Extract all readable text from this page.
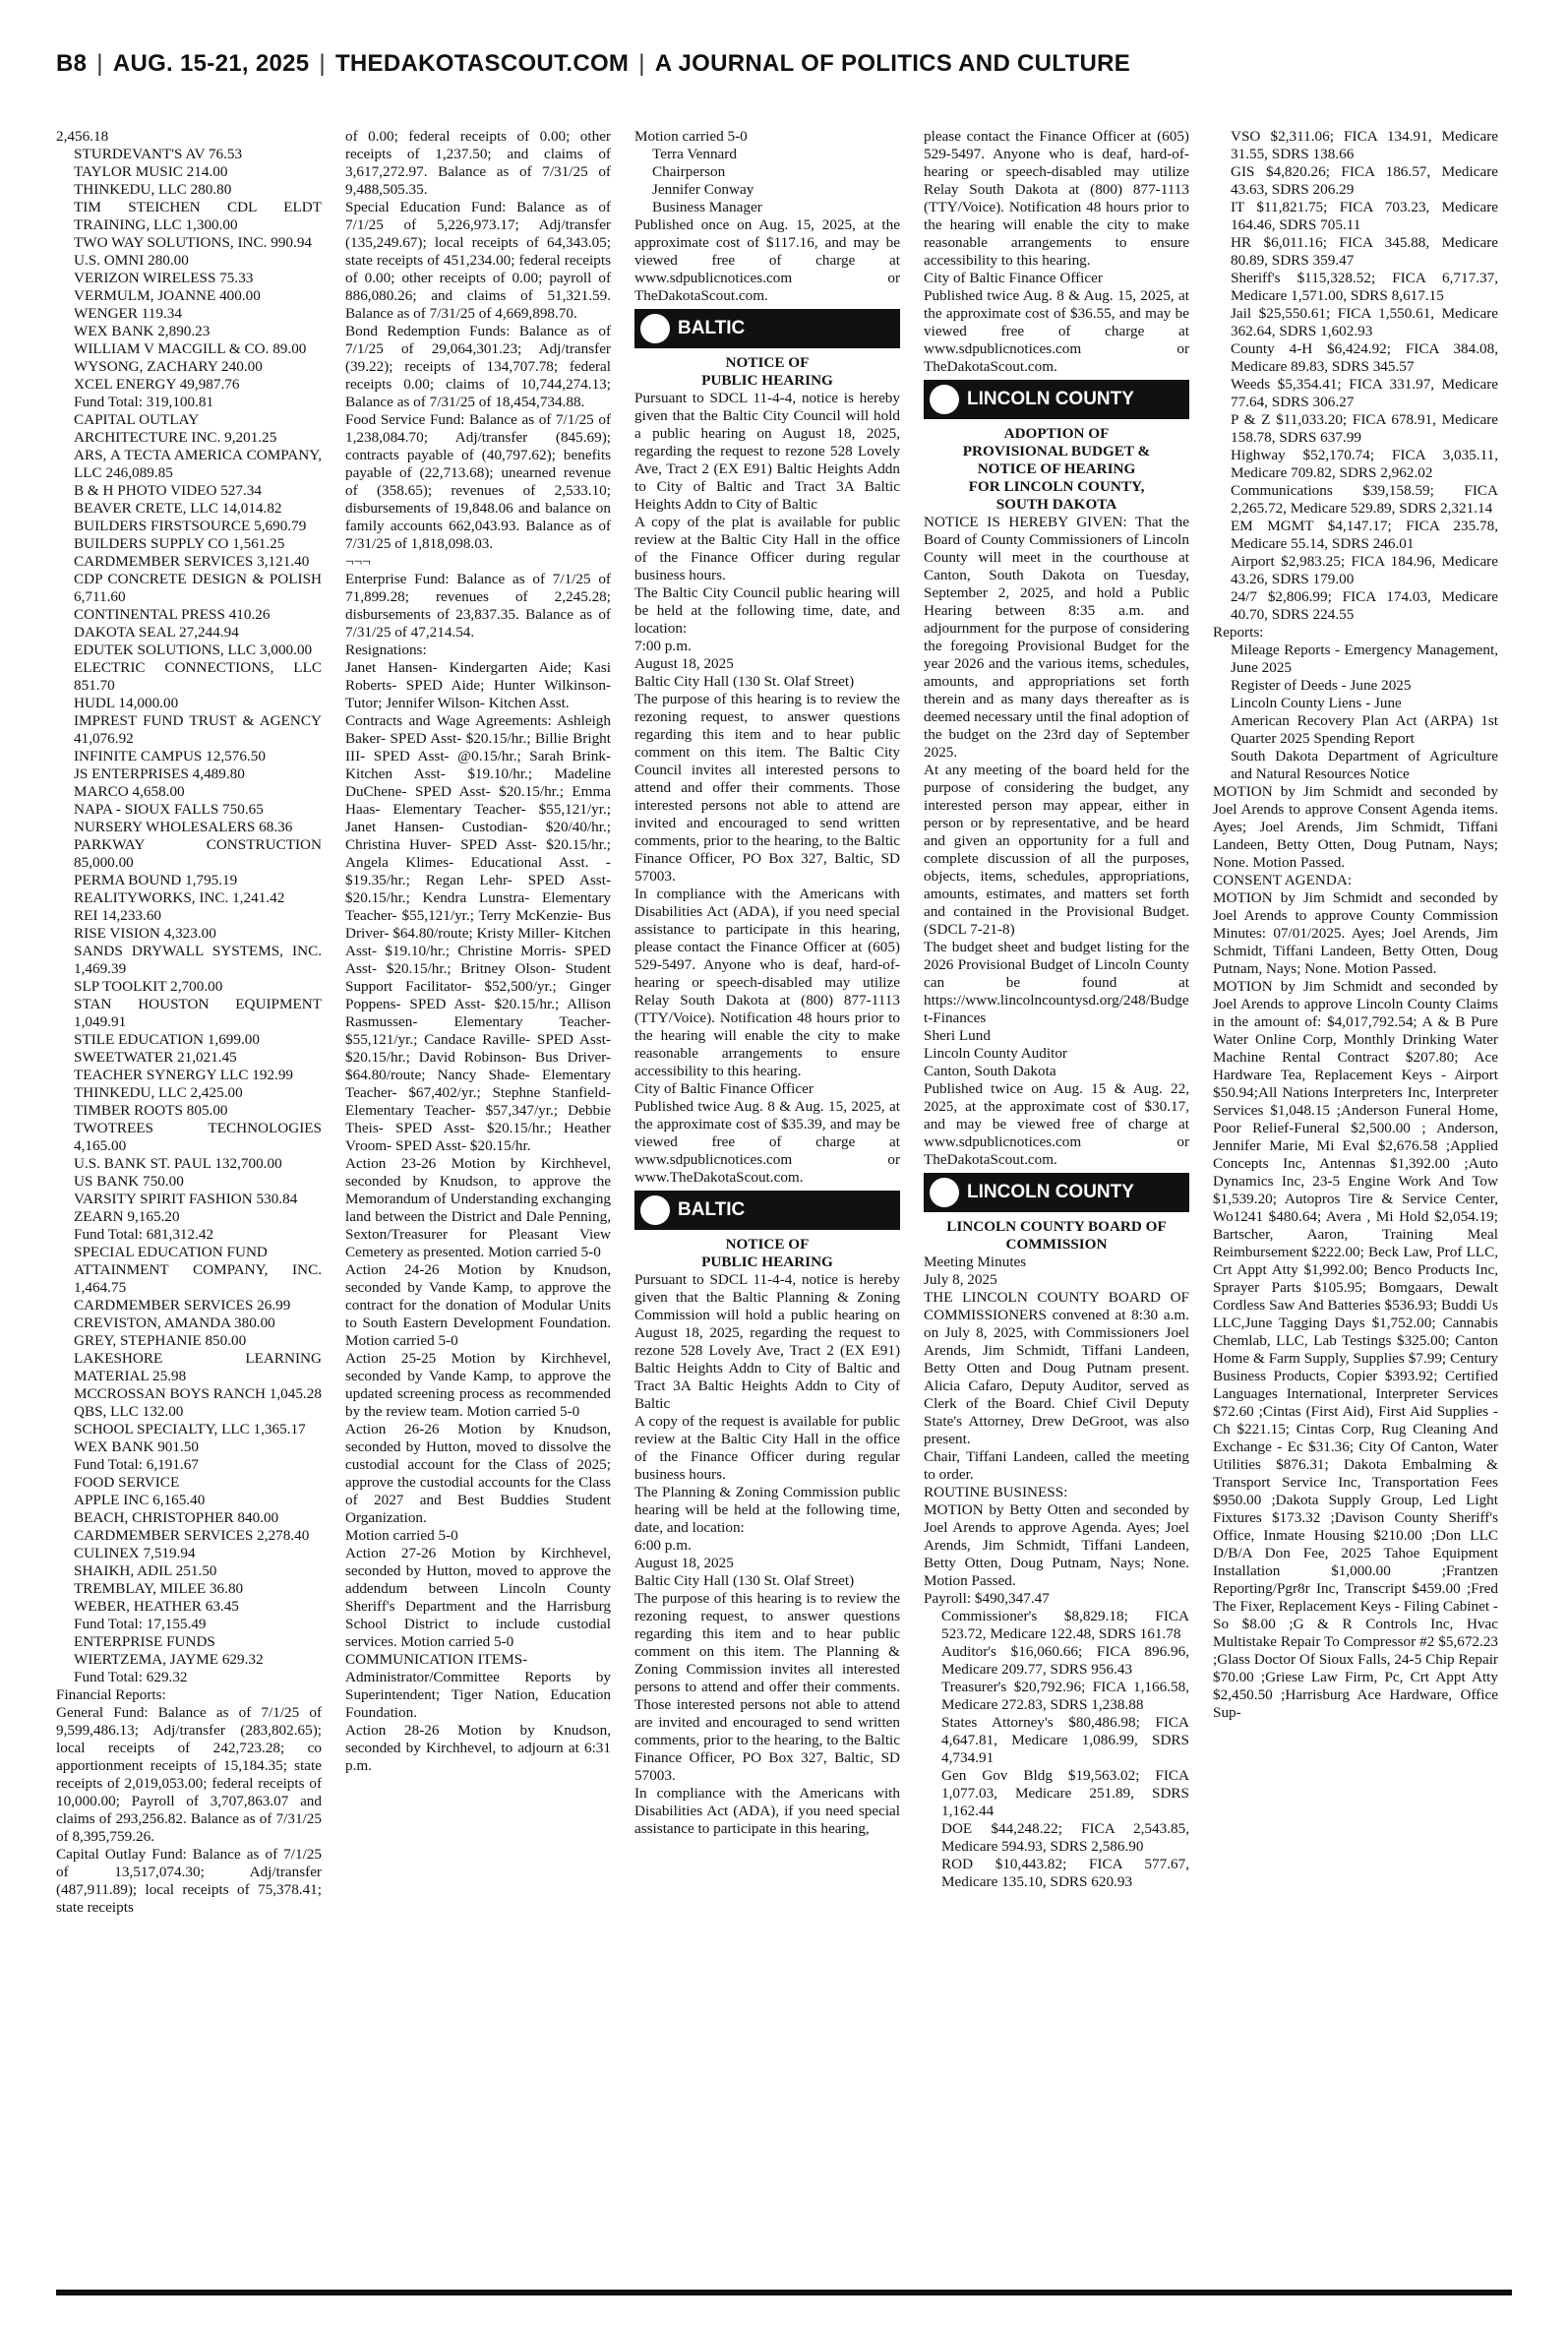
B8 | AUG. 15-21, 2025 | THEDAKOTASCOUT.COM | A JOURNAL OF POLITICS AND CULTURE
2,456.18
STURDEVANT'S AV 76.53
TAYLOR MUSIC 214.00
THINKEDU, LLC 280.80
TIM STEICHEN CDL ELDT TRAINING, LLC 1,300.00
TWO WAY SOLUTIONS, INC. 990.94
U.S. OMNI 280.00
VERIZON WIRELESS 75.33
VERMULM, JOANNE 400.00
WENGER 119.34
WEX BANK 2,890.23
WILLIAM V MACGILL & CO. 89.00
WYSONG, ZACHARY 240.00
XCEL ENERGY 49,987.76
Fund Total: 319,100.81
CAPITAL OUTLAY
ARCHITECTURE INC. 9,201.25
ARS, A TECTA AMERICA COMPANY, LLC 246,089.85
B & H PHOTO VIDEO 527.34
BEAVER CRETE, LLC 14,014.82
BUILDERS FIRSTSOURCE 5,690.79
BUILDERS SUPPLY CO 1,561.25
CARDMEMBER SERVICES 3,121.40
CDP CONCRETE DESIGN & POLISH 6,711.60
CONTINENTAL PRESS 410.26
DAKOTA SEAL 27,244.94
EDUTEK SOLUTIONS, LLC 3,000.00
ELECTRIC CONNECTIONS, LLC 851.70
HUDL 14,000.00
IMPREST FUND TRUST & AGENCY 41,076.92
INFINITE CAMPUS 12,576.50
JS ENTERPRISES 4,489.80
MARCO 4,658.00
NAPA - SIOUX FALLS 750.65
NURSERY WHOLESALERS 68.36
PARKWAY CONSTRUCTION 85,000.00
PERMA BOUND 1,795.19
REALITYWORKS, INC. 1,241.42
REI 14,233.60
RISE VISION 4,323.00
SANDS DRYWALL SYSTEMS, INC. 1,469.39
SLP TOOLKIT 2,700.00
STAN HOUSTON EQUIPMENT 1,049.91
STILE EDUCATION 1,699.00
SWEETWATER 21,021.45
TEACHER SYNERGY LLC 192.99
THINKEDU, LLC 2,425.00
TIMBER ROOTS 805.00
TWOTREES TECHNOLOGIES 4,165.00
U.S. BANK ST. PAUL 132,700.00
US BANK 750.00
VARSITY SPIRIT FASHION 530.84
ZEARN 9,165.20
Fund Total: 681,312.42
SPECIAL EDUCATION FUND
ATTAINMENT COMPANY, INC. 1,464.75
CARDMEMBER SERVICES 26.99
CREVISTON, AMANDA 380.00
GREY, STEPHANIE 850.00
LAKESHORE LEARNING MATERIAL 25.98
MCCROSSAN BOYS RANCH 1,045.28
QBS, LLC 132.00
SCHOOL SPECIALTY, LLC 1,365.17
WEX BANK 901.50
Fund Total: 6,191.67
FOOD SERVICE
APPLE INC 6,165.40
BEACH, CHRISTOPHER 840.00
CARDMEMBER SERVICES 2,278.40
CULINEX 7,519.94
SHAIKH, ADIL 251.50
TREMBLAY, MILEE 36.80
WEBER, HEATHER 63.45
Fund Total: 17,155.49
ENTERPRISE FUNDS
WIERTZEMA, JAYME 629.32
Fund Total: 629.32
Financial Reports:
General Fund: Balance as of 7/1/25 of 9,599,486.13; Adj/transfer (283,802.65); local receipts of 242,723.28; co apportionment receipts of 15,184.35; state receipts of 2,019,053.00; federal receipts of 10,000.00; Payroll of 3,707,863.07 and claims of 293,256.82. Balance as of 7/31/25 of 8,395,759.26.
Capital Outlay Fund: Balance as of 7/1/25 of 13,517,074.30; Adj/transfer (487,911.89); local receipts of 75,378.41; state receipts
of 0.00; federal receipts of 0.00; other receipts of 1,237.50; and claims of 3,617,272.97. Balance as of 7/31/25 of 9,488,505.35.
Special Education Fund: Balance as of 7/1/25 of 5,226,973.17; Adj/transfer (135,249.67); local receipts of 64,343.05; state receipts of 451,234.00; federal receipts of 0.00; other receipts of 0.00; payroll of 886,080.26; and claims of 51,321.59. Balance as of 7/31/25 of 4,669,898.70.
Bond Redemption Funds: Balance as of 7/1/25 of 29,064,301.23; Adj/transfer (39.22); receipts of 134,707.78; federal receipts 0.00; claims of 10,744,274.13; Balance as of 7/31/25 of 18,454,734.88.
Food Service Fund: Balance as of 7/1/25 of 1,238,084.70; Adj/transfer (845.69); contracts payable of (40,797.62); benefits payable of (22,713.68); unearned revenue of (358.65); revenues of 2,533.10; disbursements of 19,848.06 and balance on family accounts 662,043.93. Balance as of 7/31/25 of 1,818,098.03.
¬¬¬
Enterprise Fund: Balance as of 7/1/25 of 71,899.28; revenues of 2,245.28; disbursements of 23,837.35. Balance as of 7/31/25 of 47,214.54.
Resignations:
Janet Hansen- Kindergarten Aide; Kasi Roberts- SPED Aide; Hunter Wilkinson- Tutor; Jennifer Wilson- Kitchen Asst.
Contracts and Wage Agreements: Ashleigh Baker- SPED Asst- $20.15/hr.; Billie Bright III- SPED Asst- @0.15/hr.; Sarah Brink- Kitchen Asst- $19.10/hr.; Madeline DuChene- SPED Asst- $20.15/hr.; Emma Haas- Elementary Teacher- $55,121/yr.; Janet Hansen- Custodian- $20/40/hr.; Christina Huver- SPED Asst- $20.15/hr.; Angela Klimes- Educational Asst. - $19.35/hr.; Regan Lehr- SPED Asst- $20.15/hr.; Kendra Lunstra- Elementary Teacher- $55,121/yr.; Terry McKenzie- Bus Driver- $64.80/route; Kristy Miller- Kitchen Asst- $19.10/hr.; Christine Morris- SPED Asst- $20.15/hr.; Britney Olson- Student Support Facilitator- $52,500/yr.; Ginger Poppens- SPED Asst- $20.15/hr.; Allison Rasmussen- Elementary Teacher- $55,121/yr.; Candace Raville- SPED Asst- $20.15/hr.; David Robinson- Bus Driver- $64.80/route; Nancy Shade- Elementary Teacher- $67,402/yr.; Stephne Stanfield- Elementary Teacher- $57,347/yr.; Debbie Theis- SPED Asst- $20.15/hr.; Heather Vroom- SPED Asst- $20.15/hr.
Action 23-26 Motion by Kirchhevel, seconded by Knudson, to approve the Memorandum of Understanding exchanging land between the District and Dale Penning, Sexton/Treasurer for Pleasant View Cemetery as presented. Motion carried 5-0
Action 24-26 Motion by Knudson, seconded by Vande Kamp, to approve the contract for the donation of Modular Units to South Eastern Development Foundation. Motion carried 5-0
Action 25-25 Motion by Kirchhevel, seconded by Vande Kamp, to approve the updated screening process as recommended by the review team. Motion carried 5-0
Action 26-26 Motion by Knudson, seconded by Hutton, moved to dissolve the custodial account for the Class of 2025; approve the custodial accounts for the Class of 2027 and Best Buddies Student Organization.
Motion carried 5-0
Action 27-26 Motion by Kirchhevel, seconded by Hutton, moved to approve the addendum between Lincoln County Sheriff's Department and the Harrisburg School District to include custodial services. Motion carried 5-0
COMMUNICATION ITEMS-
Administrator/Committee Reports by Superintendent; Tiger Nation, Education Foundation.
Action 28-26 Motion by Knudson, seconded by Kirchhevel, to adjourn at 6:31 p.m.
Motion carried 5-0
Terra Vennard
Chairperson
Jennifer Conway
Business Manager
Published once on Aug. 15, 2025, at the approximate cost of $117.16, and may be viewed free of charge at www.sdpublicnotices.com or TheDakotaScout.com.
BALTIC
NOTICE OF
PUBLIC HEARING
Pursuant to SDCL 11-4-4, notice is hereby given that the Baltic City Council will hold a public hearing on August 18, 2025, regarding the request to rezone 528 Lovely Ave, Tract 2 (EX E91) Baltic Heights Addn to City of Baltic and Tract 3A Baltic Heights Addn to City of Baltic
A copy of the plat is available for public review at the Baltic City Hall in the office of the Finance Officer during regular business hours.
The Baltic City Council public hearing will be held at the following time, date, and location:
7:00 p.m.
August 18, 2025
Baltic City Hall (130 St. Olaf Street)
The purpose of this hearing is to review the rezoning request, to answer questions regarding this item and to hear public comment on this item. The Baltic City Council invites all interested persons to attend and offer their comments. Those interested persons not able to attend are invited and encouraged to send written comments, prior to the hearing, to the Baltic Finance Officer, PO Box 327, Baltic, SD 57003.
In compliance with the Americans with Disabilities Act (ADA), if you need special assistance to participate in this hearing, please contact the Finance Officer at (605) 529-5497. Anyone who is deaf, hard-of-hearing or speech-disabled may utilize Relay South Dakota at (800) 877-1113 (TTY/Voice). Notification 48 hours prior to the hearing will enable the city to make reasonable arrangements to ensure accessibility to this hearing.
City of Baltic Finance Officer
Published twice Aug. 8 & Aug. 15, 2025, at the approximate cost of $35.39, and may be viewed free of charge at www.sdpublicnotices.com or www.TheDakotaScout.com.
BALTIC
NOTICE OF
PUBLIC HEARING
Pursuant to SDCL 11-4-4, notice is hereby given that the Baltic Planning & Zoning Commission will hold a public hearing on August 18, 2025, regarding the request to rezone 528 Lovely Ave, Tract 2 (EX E91) Baltic Heights Addn to City of Baltic and Tract 3A Baltic Heights Addn to City of Baltic
A copy of the request is available for public review at the Baltic City Hall in the office of the Finance Officer during regular business hours.
The Planning & Zoning Commission public hearing will be held at the following time, date, and location:
6:00 p.m.
August 18, 2025
Baltic City Hall (130 St. Olaf Street)
The purpose of this hearing is to review the rezoning request, to answer questions regarding this item and to hear public comment on this item. The Planning & Zoning Commission invites all interested persons to attend and offer their comments. Those interested persons not able to attend are invited and encouraged to send written comments, prior to the hearing, to the Baltic Finance Officer, PO Box 327, Baltic, SD 57003.
In compliance with the Americans with Disabilities Act (ADA), if you need special assistance to participate in this hearing,
please contact the Finance Officer at (605) 529-5497. Anyone who is deaf, hard-of-hearing or speech-disabled may utilize Relay South Dakota at (800) 877-1113 (TTY/Voice). Notification 48 hours prior to the hearing will enable the city to make reasonable arrangements to ensure accessibility to this hearing.
City of Baltic Finance Officer
Published twice Aug. 8 & Aug. 15, 2025, at the approximate cost of $36.55, and may be viewed free of charge at www.sdpublicnotices.com or TheDakotaScout.com.
LINCOLN COUNTY
ADOPTION OF
PROVISIONAL BUDGET &
NOTICE OF HEARING
FOR LINCOLN COUNTY,
SOUTH DAKOTA
NOTICE IS HEREBY GIVEN: That the Board of County Commissioners of Lincoln County will meet in the courthouse at Canton, South Dakota on Tuesday, September 2, 2025, and hold a Public Hearing between 8:35 a.m. and adjournment for the purpose of considering the foregoing Provisional Budget for the year 2026 and the various items, schedules, amounts, and appropriations set forth therein and as many days thereafter as is deemed necessary until the final adoption of the budget on the 23rd day of September 2025.
At any meeting of the board held for the purpose of considering the budget, any interested person may appear, either in person or by representative, and be heard and given an opportunity for a full and complete discussion of all the purposes, objects, items, schedules, appropriations, amounts, estimates, and matters set forth and contained in the Provisional Budget. (SDCL 7-21-8)
The budget sheet and budget listing for the 2026 Provisional Budget of Lincoln County can be found at https://www.lincolncountysd.org/248/Budget-Finances
Sheri Lund
Lincoln County Auditor
Canton, South Dakota
Published twice on Aug. 15 & Aug. 22, 2025, at the approximate cost of $30.17, and may be viewed free of charge at www.sdpublicnotices.com or TheDakotaScout.com.
LINCOLN COUNTY
LINCOLN COUNTY BOARD OF
COMMISSION
Meeting Minutes
July 8, 2025
THE LINCOLN COUNTY BOARD OF COMMISSIONERS convened at 8:30 a.m. on July 8, 2025, with Commissioners Joel Arends, Jim Schmidt, Tiffani Landeen, Betty Otten and Doug Putnam present. Alicia Cafaro, Deputy Auditor, served as Clerk of the Board. Chief Civil Deputy State's Attorney, Drew DeGroot, was also present.
Chair, Tiffani Landeen, called the meeting to order.
ROUTINE BUSINESS:
MOTION by Betty Otten and seconded by Joel Arends to approve Agenda. Ayes; Joel Arends, Jim Schmidt, Tiffani Landeen, Betty Otten, Doug Putnam, Nays; None. Motion Passed.
Payroll: $490,347.47
Commissioner's $8,829.18; FICA 523.72, Medicare 122.48, SDRS 161.78
Auditor's $16,060.66; FICA 896.96, Medicare 209.77, SDRS 956.43
Treasurer's $20,792.96; FICA 1,166.58, Medicare 272.83, SDRS 1,238.88
States Attorney's $80,486.98; FICA 4,647.81, Medicare 1,086.99, SDRS 4,734.91
Gen Gov Bldg $19,563.02; FICA 1,077.03, Medicare 251.89, SDRS 1,162.44
DOE $44,248.22; FICA 2,543.85, Medicare 594.93, SDRS 2,586.90
ROD $10,443.82; FICA 577.67, Medicare 135.10, SDRS 620.93
VSO $2,311.06; FICA 134.91, Medicare 31.55, SDRS 138.66
GIS $4,820.26; FICA 186.57, Medicare 43.63, SDRS 206.29
IT $11,821.75; FICA 703.23, Medicare 164.46, SDRS 705.11
HR $6,011.16; FICA 345.88, Medicare 80.89, SDRS 359.47
Sheriff's $115,328.52; FICA 6,717.37, Medicare 1,571.00, SDRS 8,617.15
Jail $25,550.61; FICA 1,550.61, Medicare 362.64, SDRS 1,602.93
County 4-H $6,424.92; FICA 384.08, Medicare 89.83, SDRS 345.57
Weeds $5,354.41; FICA 331.97, Medicare 77.64, SDRS 306.27
P & Z $11,033.20; FICA 678.91, Medicare 158.78, SDRS 637.99
Highway $52,170.74; FICA 3,035.11, Medicare 709.82, SDRS 2,962.02
Communications $39,158.59; FICA 2,265.72, Medicare 529.89, SDRS 2,321.14
EM MGMT $4,147.17; FICA 235.78, Medicare 55.14, SDRS 246.01
Airport $2,983.25; FICA 184.96, Medicare 43.26, SDRS 179.00
24/7 $2,806.99; FICA 174.03, Medicare 40.70, SDRS 224.55
Reports:
Mileage Reports - Emergency Management, June 2025
Register of Deeds - June 2025
Lincoln County Liens - June
American Recovery Plan Act (ARPA) 1st Quarter 2025 Spending Report
South Dakota Department of Agriculture and Natural Resources Notice
MOTION by Jim Schmidt and seconded by Joel Arends to approve Consent Agenda items. Ayes; Joel Arends, Jim Schmidt, Tiffani Landeen, Betty Otten, Doug Putnam, Nays; None. Motion Passed.
CONSENT AGENDA:
MOTION by Jim Schmidt and seconded by Joel Arends to approve County Commission Minutes: 07/01/2025. Ayes; Joel Arends, Jim Schmidt, Tiffani Landeen, Betty Otten, Doug Putnam, Nays; None. Motion Passed.
MOTION by Jim Schmidt and seconded by Joel Arends to approve Lincoln County Claims in the amount of: $4,017,792.54; A & B Pure Water Online Corp, Monthly Drinking Water Machine Rental Contract $207.80; Ace Hardware Tea, Replacement Keys - Airport $50.94;All Nations Interpreters Inc, Interpreter Services $1,048.15 ;Anderson Funeral Home, Poor Relief-Funeral $2,500.00 ; Anderson, Jennifer Marie, Mi Eval $2,676.58 ;Applied Concepts Inc, Antennas $1,392.00 ;Auto Dynamics Inc, 23-5 Engine Work And Tow $1,539.20; Autopros Tire & Service Center, Wo1241 $480.64; Avera , Mi Hold $2,054.19; Bartscher, Aaron, Training Meal Reimbursement $222.00; Beck Law, Prof LLC, Crt Appt Atty $1,992.00; Benco Products Inc, Sprayer Parts $105.95; Bomgaars, Dewalt Cordless Saw And Batteries $536.93; Buddi Us LLC,June Tagging Days $1,752.00; Cannabis Chemlab, LLC, Lab Testings $325.00; Canton Home & Farm Supply, Supplies $7.99; Century Business Products, Copier $393.92; Certified Languages International, Interpreter Services $72.60 ;Cintas (First Aid), First Aid Supplies - Ch $221.15; Cintas Corp, Rug Cleaning And Exchange - Ec $31.36; City Of Canton, Water Utilities $876.31; Dakota Embalming & Transport Service Inc, Transportation Fees $950.00 ;Dakota Supply Group, Led Light Fixtures $173.32 ;Davison County Sheriff's Office, Inmate Housing $210.00 ;Don LLC D/B/A Don Fee, 2025 Tahoe Equipment Installation $1,000.00 ;Frantzen Reporting/Pgr8r Inc, Transcript $459.00 ;Fred The Fixer, Replacement Keys - Filing Cabinet - So $8.00 ;G & R Controls Inc, Hvac Multistake Repair To Compressor #2 $5,672.23 ;Glass Doctor Of Sioux Falls, 24-5 Chip Repair $70.00 ;Griese Law Firm, Pc, Crt Appt Atty $2,450.50 ;Harrisburg Ace Hardware, Office Sup-
